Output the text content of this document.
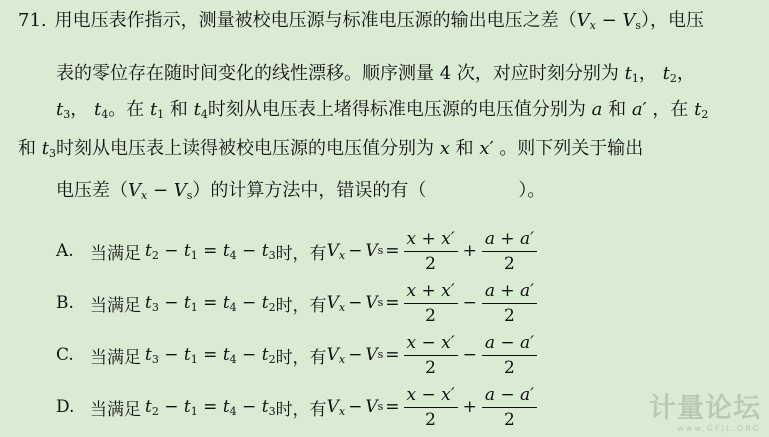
71. 用电压表作指示，测量被校电压源与标准电压源的输出电压之差$(V_x - V_s)$，电压
表的零位存在随时间变化的线性漂移。顺序测量 4 次，对应时刻分别为 $t_1$， $t_2$，
$t_3$， $t_4$。在 $t_1$ 和 $t_4$时刻从电压表上堵得标准电压源的电压值分别为 a 和 a′ ，在 $t_2$
和 $t_3$时刻从电压表上读得被校电压源的电压值分别为 x 和 x′ 。则下列关于输出
电压差$(V_x - V_s)$的计算方法中，错误的有（	）。
A. 当满足 $t_2 - t_1 = t_4 - t_3$ 时，有 $V_x - V$ $s = \frac{x + x'}{2} + \frac{a + a'}{2}$
B. 当满足 $t_3 - t_1 = t_4 - t_2$ 时，有 $V_x - V$ $s = \frac{x + x'}{2} - \frac{a + a'}{2}$
C. 当满足 $t_3 - t_1 = t_4 - t_2$ 时，有 $V_x - V$ $s = \frac{x - x'}{2} - \frac{a - a'}{2}$
D. 当满足 $t_2 - t_1 = t_4 - t_3$ 时，有 $V_x - V$ $s = \frac{x - x'}{2} + \frac{a - a'}{2}$	计量论坛
www.GFJL.ORG
